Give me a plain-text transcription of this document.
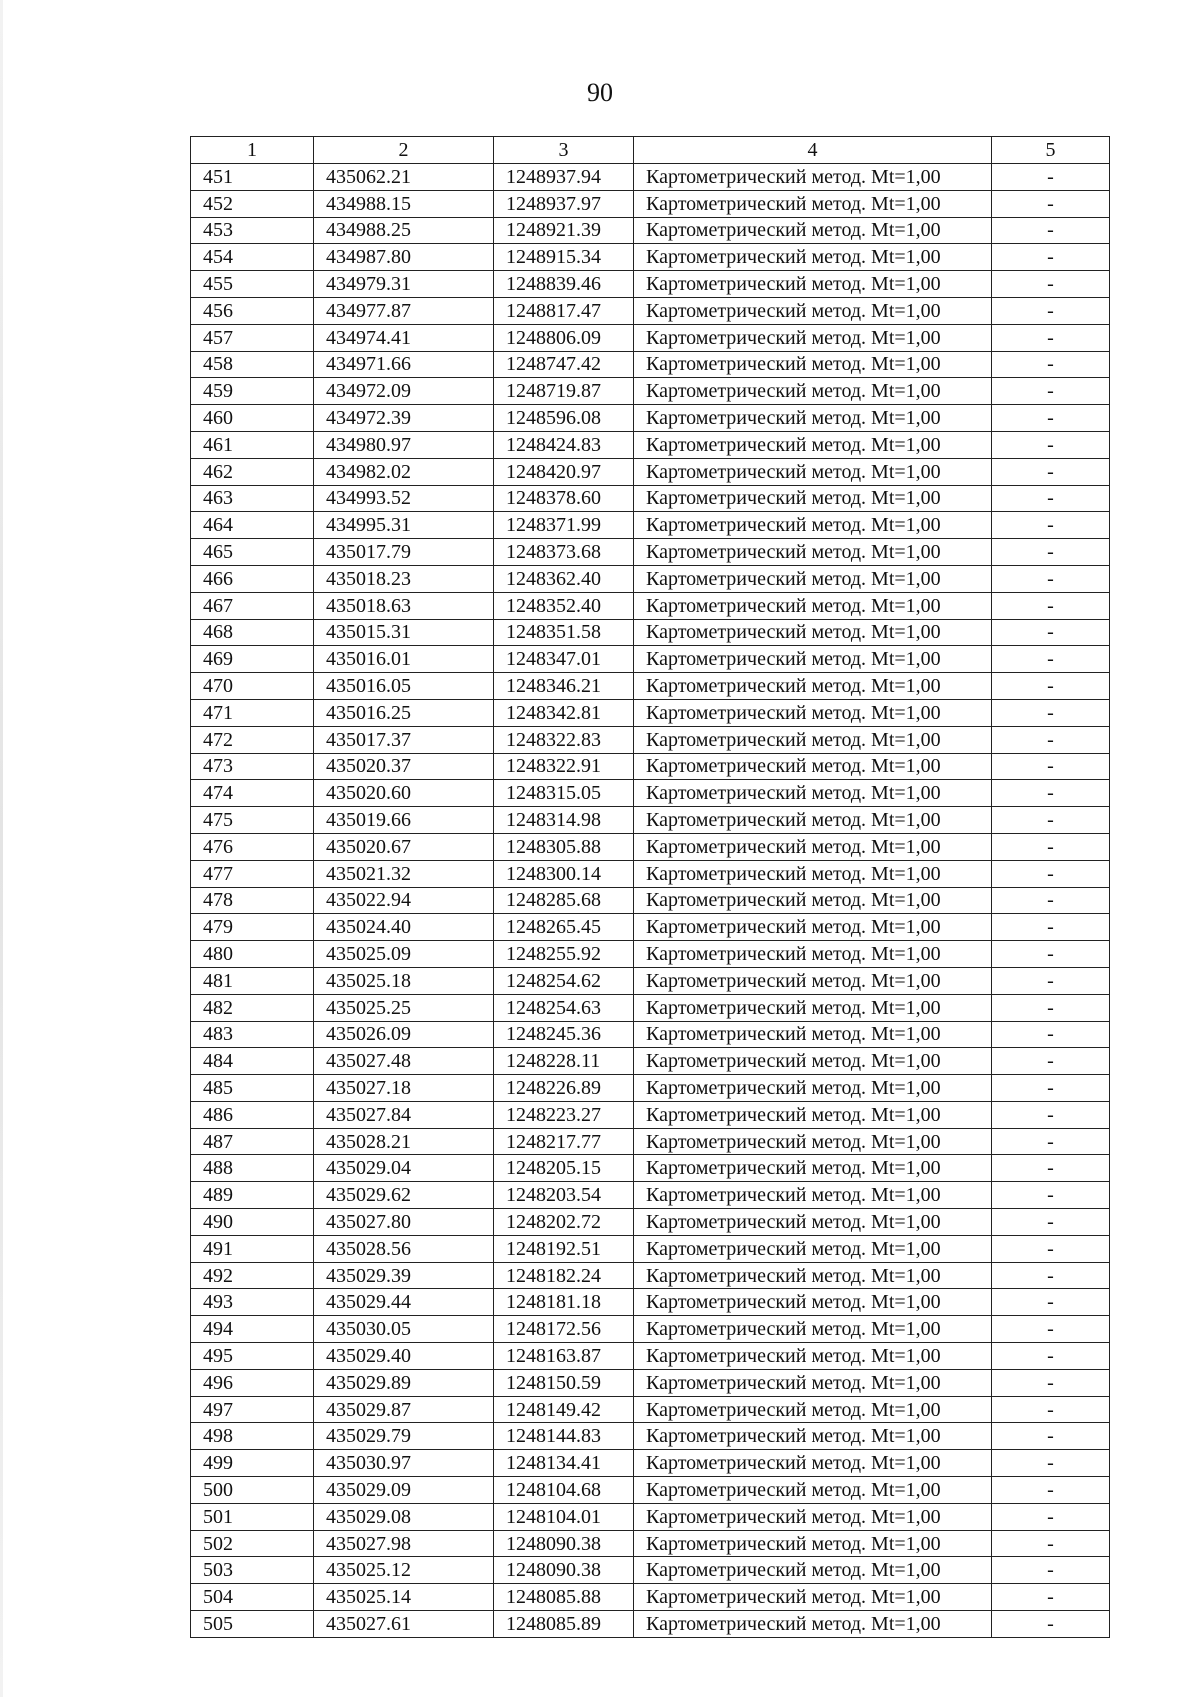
90
1	2	3	4	5
451	435062.21	1248937.94	Картометрический метод. Mt=1,00	-
452	434988.15	1248937.97	Картометрический метод. Mt=1,00	-
453	434988.25	1248921.39	Картометрический метод. Mt=1,00	-
454	434987.80	1248915.34	Картометрический метод. Mt=1,00	-
455	434979.31	1248839.46	Картометрический метод. Mt=1,00	-
456	434977.87	1248817.47	Картометрический метод. Mt=1,00	-
457	434974.41	1248806.09	Картометрический метод. Mt=1,00	-
458	434971.66	1248747.42	Картометрический метод. Mt=1,00	-
459	434972.09	1248719.87	Картометрический метод. Mt=1,00	-
460	434972.39	1248596.08	Картометрический метод. Mt=1,00	-
461	434980.97	1248424.83	Картометрический метод. Mt=1,00	-
462	434982.02	1248420.97	Картометрический метод. Mt=1,00	-
463	434993.52	1248378.60	Картометрический метод. Mt=1,00	-
464	434995.31	1248371.99	Картометрический метод. Mt=1,00	-
465	435017.79	1248373.68	Картометрический метод. Mt=1,00	-
466	435018.23	1248362.40	Картометрический метод. Mt=1,00	-
467	435018.63	1248352.40	Картометрический метод. Mt=1,00	-
468	435015.31	1248351.58	Картометрический метод. Mt=1,00	-
469	435016.01	1248347.01	Картометрический метод. Mt=1,00	-
470	435016.05	1248346.21	Картометрический метод. Mt=1,00	-
471	435016.25	1248342.81	Картометрический метод. Mt=1,00	-
472	435017.37	1248322.83	Картометрический метод. Mt=1,00	-
473	435020.37	1248322.91	Картометрический метод. Mt=1,00	-
474	435020.60	1248315.05	Картометрический метод. Mt=1,00	-
475	435019.66	1248314.98	Картометрический метод. Mt=1,00	-
476	435020.67	1248305.88	Картометрический метод. Mt=1,00	-
477	435021.32	1248300.14	Картометрический метод. Mt=1,00	-
478	435022.94	1248285.68	Картометрический метод. Mt=1,00	-
479	435024.40	1248265.45	Картометрический метод. Mt=1,00	-
480	435025.09	1248255.92	Картометрический метод. Mt=1,00	-
481	435025.18	1248254.62	Картометрический метод. Mt=1,00	-
482	435025.25	1248254.63	Картометрический метод. Mt=1,00	-
483	435026.09	1248245.36	Картометрический метод. Mt=1,00	-
484	435027.48	1248228.11	Картометрический метод. Mt=1,00	-
485	435027.18	1248226.89	Картометрический метод. Mt=1,00	-
486	435027.84	1248223.27	Картометрический метод. Mt=1,00	-
487	435028.21	1248217.77	Картометрический метод. Mt=1,00	-
488	435029.04	1248205.15	Картометрический метод. Mt=1,00	-
489	435029.62	1248203.54	Картометрический метод. Mt=1,00	-
490	435027.80	1248202.72	Картометрический метод. Mt=1,00	-
491	435028.56	1248192.51	Картометрический метод. Mt=1,00	-
492	435029.39	1248182.24	Картометрический метод. Mt=1,00	-
493	435029.44	1248181.18	Картометрический метод. Mt=1,00	-
494	435030.05	1248172.56	Картометрический метод. Mt=1,00	-
495	435029.40	1248163.87	Картометрический метод. Mt=1,00	-
496	435029.89	1248150.59	Картометрический метод. Mt=1,00	-
497	435029.87	1248149.42	Картометрический метод. Mt=1,00	-
498	435029.79	1248144.83	Картометрический метод. Mt=1,00	-
499	435030.97	1248134.41	Картометрический метод. Mt=1,00	-
500	435029.09	1248104.68	Картометрический метод. Mt=1,00	-
501	435029.08	1248104.01	Картометрический метод. Mt=1,00	-
502	435027.98	1248090.38	Картометрический метод. Mt=1,00	-
503	435025.12	1248090.38	Картометрический метод. Mt=1,00	-
504	435025.14	1248085.88	Картометрический метод. Mt=1,00	-
505	435027.61	1248085.89	Картометрический метод. Mt=1,00	-
